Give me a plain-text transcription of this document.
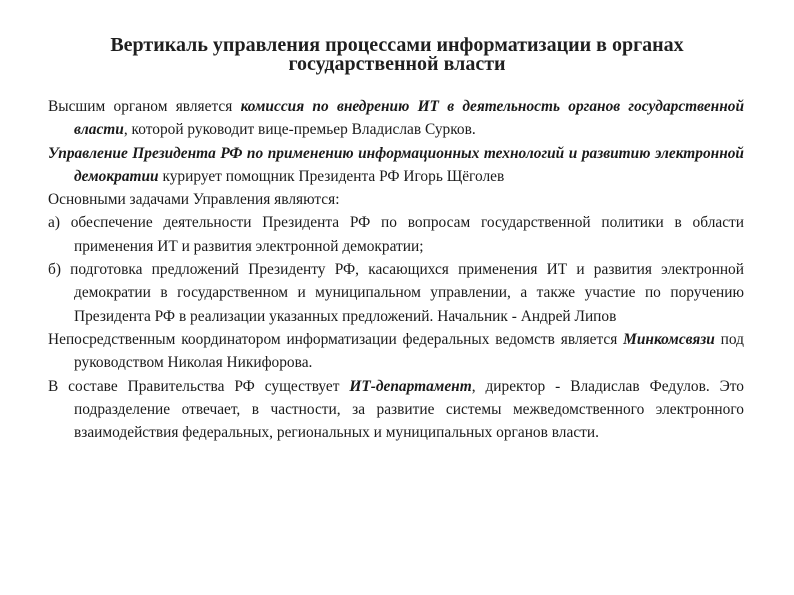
Вертикаль управления процессами информатизации в органах
государственной власти

Высшим органом является комиссия по внедрению ИТ в деятельность органов государственной власти, которой руководит вице-премьер Владислав Сурков.

Управление Президента РФ по применению информационных технологий и развитию электронной демократии курирует помощник Президента РФ Игорь Щёголев

Основными задачами Управления являются:

а) обеспечение деятельности Президента РФ по вопросам государственной политики в области применения ИТ и развития электронной демократии;

б) подготовка предложений Президенту РФ, касающихся применения ИТ и развития электронной демократии в государственном и муниципальном управлении, а также участие по поручению Президента РФ в реализации указанных предложений. Начальник - Андрей Липов

Непосредственным координатором информатизации федеральных ведомств является Минкомсвязи под руководством Николая Никифорова.

В составе Правительства РФ существует ИТ-департамент, директор - Владислав Федулов. Это подразделение отвечает, в частности, за развитие системы межведомственного электронного взаимодействия федеральных, региональных и муниципальных органов власти.
